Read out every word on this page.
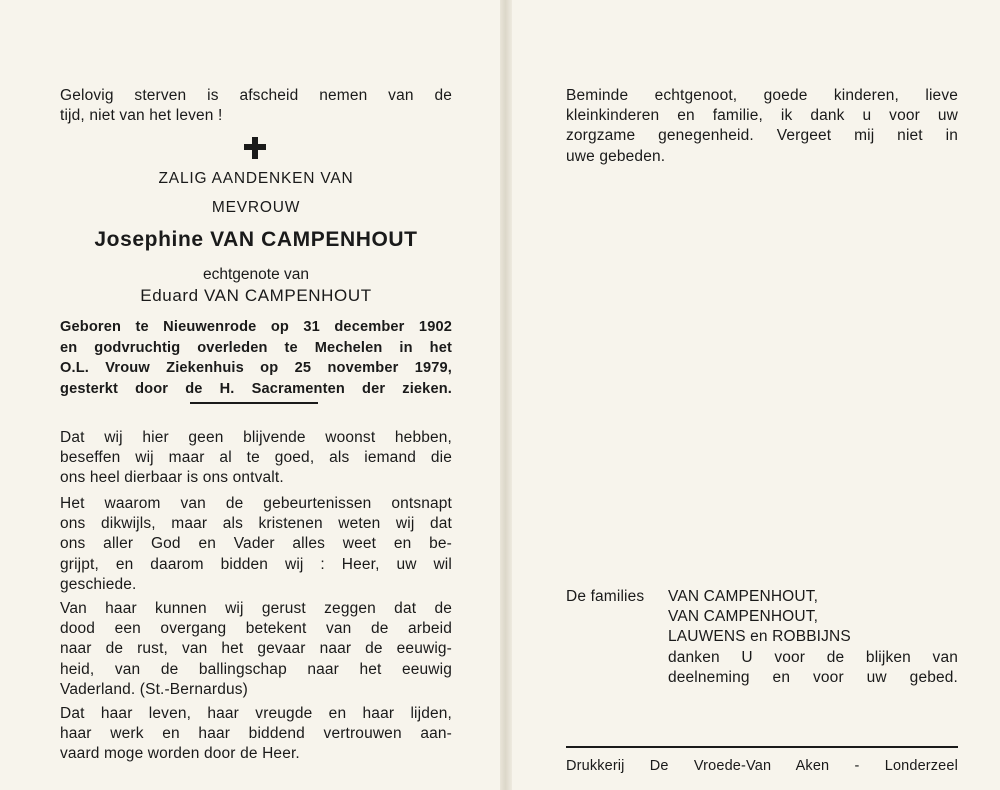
Gelovig sterven is afscheid nemen van de
tijd, niet van het leven !
ZALIG AANDENKEN VAN
MEVROUW
Josephine VAN CAMPENHOUT
echtgenote van
Eduard VAN CAMPENHOUT
Geboren te Nieuwenrode op 31 december 1902
en godvruchtig overleden te Mechelen in het
O.L. Vrouw Ziekenhuis op 25 november 1979,
gesterkt door de H. Sacramenten der zieken.
Dat wij hier geen blijvende woonst hebben,
beseffen wij maar al te goed, als iemand die
ons heel dierbaar is ons ontvalt.
Het waarom van de gebeurtenissen ontsnapt
ons dikwijls, maar als kristenen weten wij dat
ons aller God en Vader alles weet en be-
grijpt, en daarom bidden wij : Heer, uw wil
geschiede.
Van haar kunnen wij gerust zeggen dat de
dood een overgang betekent van de arbeid
naar de rust, van het gevaar naar de eeuwig-
heid, van de ballingschap naar het eeuwig
Vaderland. (St.-Bernardus)
Dat haar leven, haar vreugde en haar lijden,
haar werk en haar biddend vertrouwen aan-
vaard moge worden door de Heer.
Beminde echtgenoot, goede kinderen, lieve
kleinkinderen en familie, ik dank u voor uw
zorgzame genegenheid. Vergeet mij niet in
uwe gebeden.
De families	VAN CAMPENHOUT,
VAN CAMPENHOUT,
LAUWENS en ROBBIJNS
danken U voor de blijken van
deelneming en voor uw gebed.
Drukkerij De Vroede-Van Aken - Londerzeel
